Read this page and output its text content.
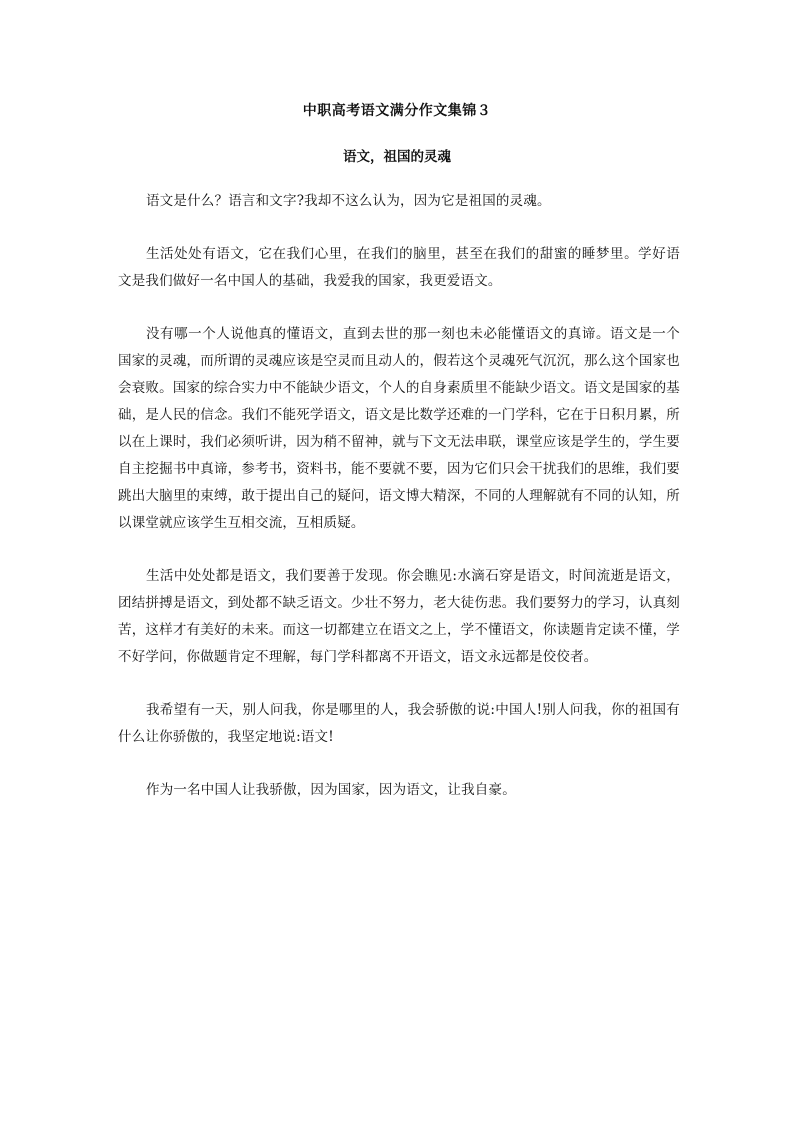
中职高考语文满分作文集锦３
语文，祖国的灵魂

语文是什么？语言和文字?我却不这么认为，因为它是祖国的灵魂。

生活处处有语文，它在我们心里，在我们的脑里，甚至在我们的甜蜜的睡梦里。学好语文是我们做好一名中国人的基础，我爱我的国家，我更爱语文。

没有哪一个人说他真的懂语文，直到去世的那一刻也未必能懂语文的真谛。语文是一个国家的灵魂，而所谓的灵魂应该是空灵而且动人的，假若这个灵魂死气沉沉，那么这个国家也会衰败。国家的综合实力中不能缺少语文，个人的自身素质里不能缺少语文。语文是国家的基础，是人民的信念。我们不能死学语文，语文是比数学还难的一门学科，它在于日积月累，所以在上课时，我们必须听讲，因为稍不留神，就与下文无法串联，课堂应该是学生的，学生要自主挖掘书中真谛，参考书，资料书，能不要就不要，因为它们只会干扰我们的思维，我们要跳出大脑里的束缚，敢于提出自己的疑问，语文博大精深，不同的人理解就有不同的认知，所以课堂就应该学生互相交流，互相质疑。

生活中处处都是语文，我们要善于发现。你会瞧见:水滴石穿是语文，时间流逝是语文，团结拼搏是语文，到处都不缺乏语文。少壮不努力，老大徒伤悲。我们要努力的学习，认真刻苦，这样才有美好的未来。而这一切都建立在语文之上，学不懂语文，你读题肯定读不懂，学不好学问，你做题肯定不理解，每门学科都离不开语文，语文永远都是佼佼者。

我希望有一天，别人问我，你是哪里的人，我会骄傲的说:中国人!别人问我，你的祖国有什么让你骄傲的，我坚定地说:语文!

作为一名中国人让我骄傲，因为国家，因为语文，让我自豪。
